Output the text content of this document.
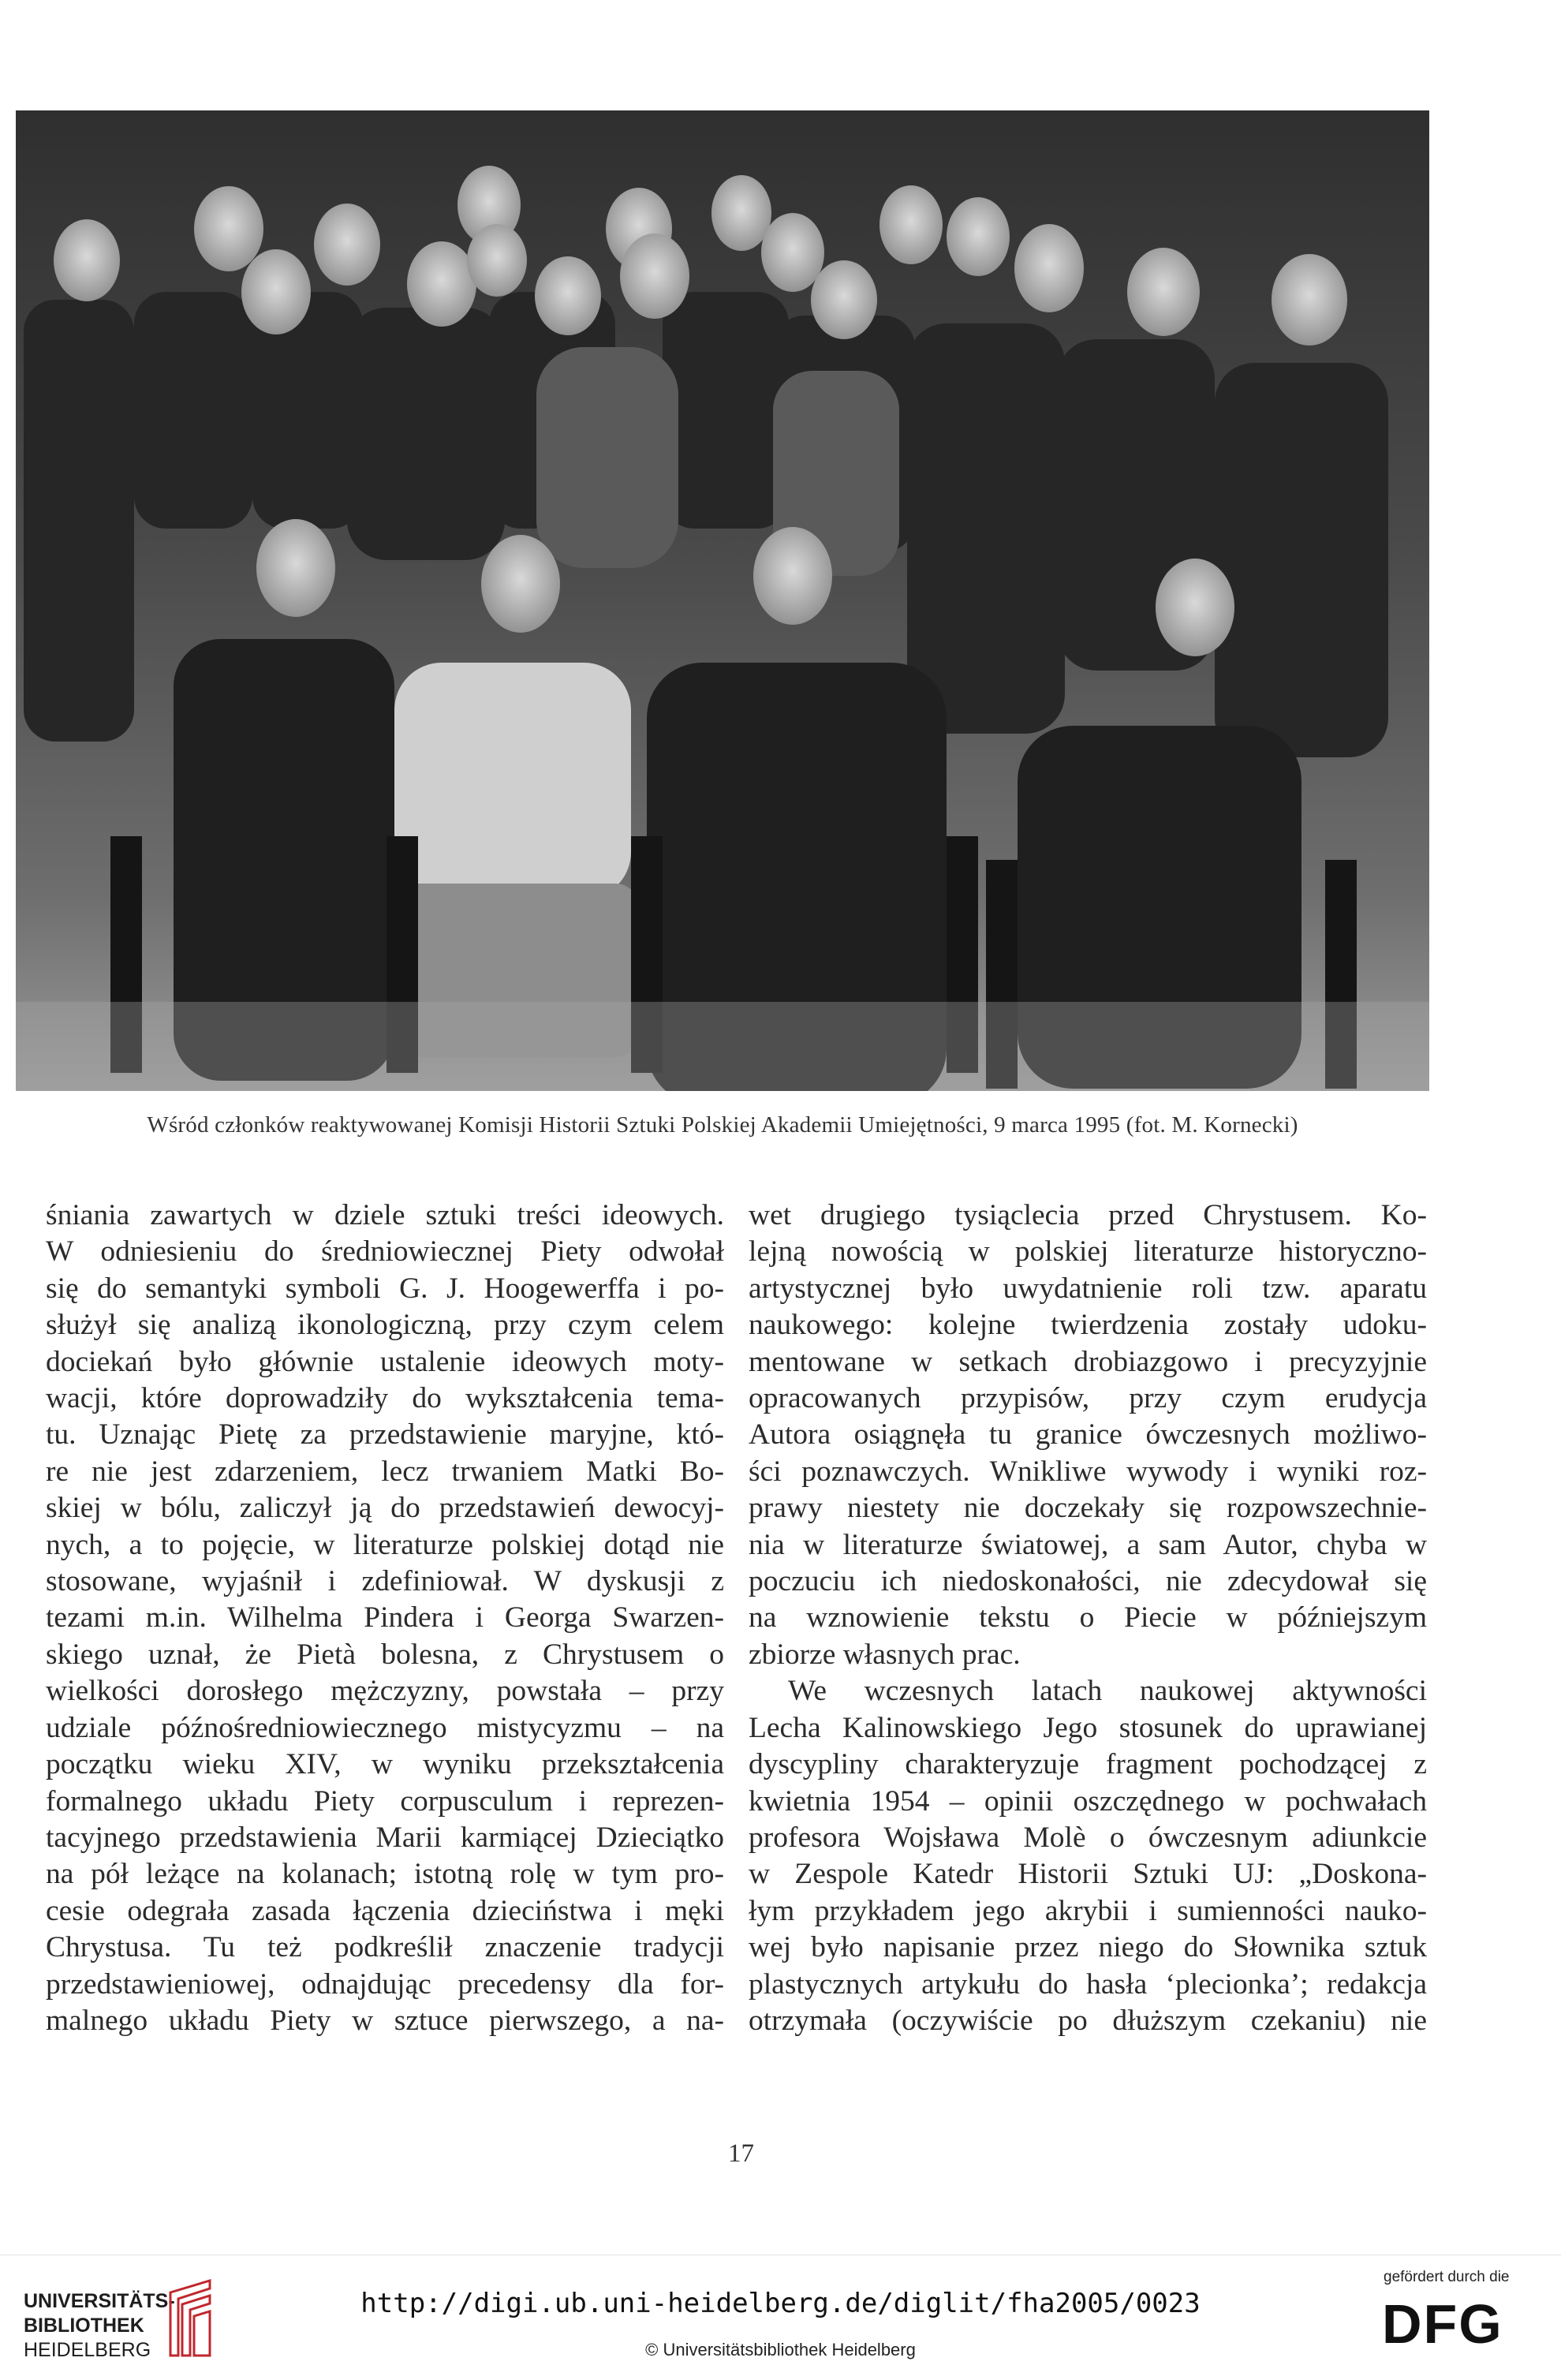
Wśród członków reaktywowanej Komisji Historii Sztuki Polskiej Akademii Umiejętności, 9 marca 1995 (fot. M. Kornecki)
śniania zawartych w dziele sztuki treści ideowych.
W odniesieniu do średniowiecznej Piety odwołał
się do semantyki symboli G. J. Hoogewerffa i po-
służył się analizą ikonologiczną, przy czym celem
dociekań było głównie ustalenie ideowych moty-
wacji, które doprowadziły do wykształcenia tema-
tu. Uznając Pietę za przedstawienie maryjne, któ-
re nie jest zdarzeniem, lecz trwaniem Matki Bo-
skiej w bólu, zaliczył ją do przedstawień dewocyj-
nych, a to pojęcie, w literaturze polskiej dotąd nie
stosowane, wyjaśnił i zdefiniował. W dyskusji z
tezami m.in. Wilhelma Pindera i Georga Swarzen-
skiego uznał, że Pietà bolesna, z Chrystusem o
wielkości dorosłego mężczyzny, powstała – przy
udziale późnośredniowiecznego mistycyzmu – na
początku wieku XIV, w wyniku przekształcenia
formalnego układu Piety corpusculum i reprezen-
tacyjnego przedstawienia Marii karmiącej Dzieciątko
na pół leżące na kolanach; istotną rolę w tym pro-
cesie odegrała zasada łączenia dzieciństwa i męki
Chrystusa. Tu też podkreślił znaczenie tradycji
przedstawieniowej, odnajdując precedensy dla for-
malnego układu Piety w sztuce pierwszego, a na-
wet drugiego tysiąclecia przed Chrystusem. Ko-
lejną nowością w polskiej literaturze historyczno-
artystycznej było uwydatnienie roli tzw. aparatu
naukowego: kolejne twierdzenia zostały udoku-
mentowane w setkach drobiazgowo i precyzyjnie
opracowanych przypisów, przy czym erudycja
Autora osiągnęła tu granice ówczesnych możliwo-
ści poznawczych. Wnikliwe wywody i wyniki roz-
prawy niestety nie doczekały się rozpowszechnie-
nia w literaturze światowej, a sam Autor, chyba w
poczuciu ich niedoskonałości, nie zdecydował się
na wznowienie tekstu o Piecie w późniejszym
zbiorze własnych prac.
We wczesnych latach naukowej aktywności
Lecha Kalinowskiego Jego stosunek do uprawianej
dyscypliny charakteryzuje fragment pochodzącej z
kwietnia 1954 – opinii oszczędnego w pochwałach
profesora Wojsława Molè o ówczesnym adiunkcie
w Zespole Katedr Historii Sztuki UJ: „Doskona-
łym przykładem jego akrybii i sumienności nauko-
wej było napisanie przez niego do Słownika sztuk
plastycznych artykułu do hasła ‘plecionka’; redakcja
otrzymała (oczywiście po dłuższym czekaniu) nie
17
UNIVERSITÄTS-
BIBLIOTHEK
HEIDELBERG
http://digi.ub.uni-heidelberg.de/diglit/fha2005/0023
© Universitätsbibliothek Heidelberg
gefördert durch die
DFG
